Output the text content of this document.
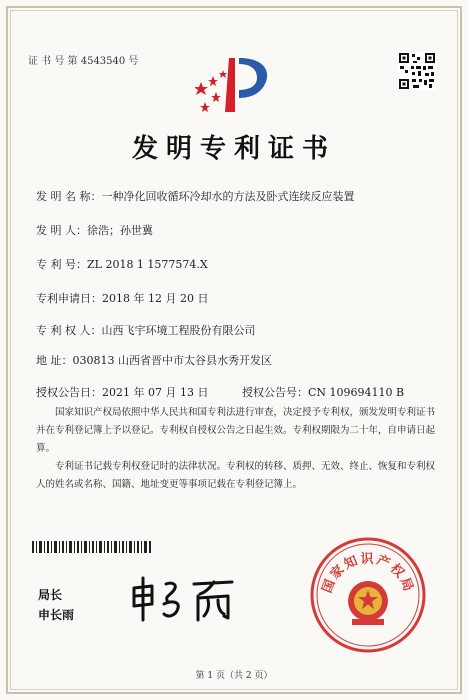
证 书 号 第 4543540 号
发明专利证书
发 明 名 称：一种净化回收循环冷却水的方法及卧式连续反应装置
发 明 人：徐浩；孙世冀
专 利 号：ZL 2018 1 1577574.X
专利申请日：2018 年 12 月 20 日
专 利 权 人：山西飞宇环境工程股份有限公司
地 址：030813 山西省晋中市太谷县水秀开发区
授权公告日：2021 年 07 月 13 日	授权公告号：CN 109694110 B
国家知识产权局依照中华人民共和国专利法进行审查，决定授予专利权，颁发发明专利证书并在专利登记簿上予以登记。专利权自授权公告之日起生效。专利权期限为二十年，自申请日起算。
专利证书记载专利权登记时的法律状况。专利权的转移、质押、无效、终止、恢复和专利权人的姓名或名称、国籍、地址变更等事项记载在专利登记簿上。
局长
申长雨
国家知识产权局
第 1 页（共 2 页）
